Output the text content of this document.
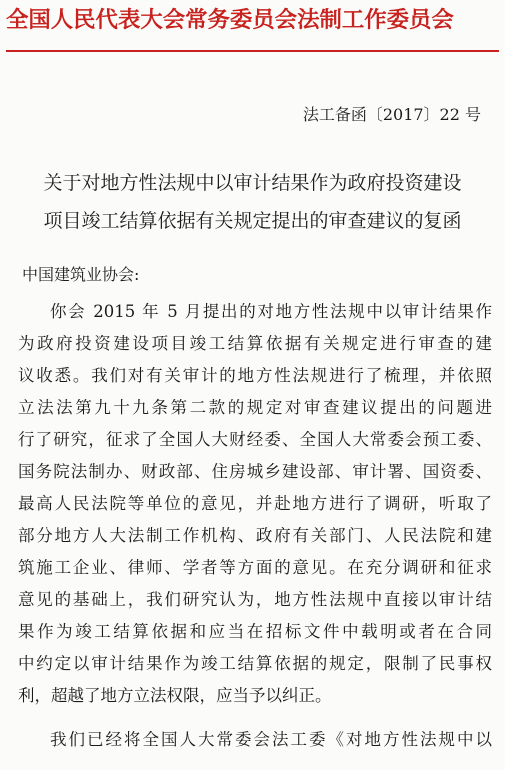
全国人民代表大会常务委员会法制工作委员会
法工备函〔2017〕22 号
关于对地方性法规中以审计结果作为政府投资建设
项目竣工结算依据有关规定提出的审查建议的复函
中国建筑业协会:
你会 2015 年 5 月提出的对地方性法规中以审计结果作
为政府投资建设项目竣工结算依据有关规定进行审查的建
议收悉。我们对有关审计的地方性法规进行了梳理，并依照
立法法第九十九条第二款的规定对审查建议提出的问题进
行了研究，征求了全国人大财经委、全国人大常委会预工委、
国务院法制办、财政部、住房城乡建设部、审计署、国资委、
最高人民法院等单位的意见，并赴地方进行了调研，听取了
部分地方人大法制工作机构、政府有关部门、人民法院和建
筑施工企业、律师、学者等方面的意见。在充分调研和征求
意见的基础上，我们研究认为，地方性法规中直接以审计结
果作为竣工结算依据和应当在招标文件中载明或者在合同
中约定以审计结果作为竣工结算依据的规定，限制了民事权
利，超越了地方立法权限，应当予以纠正。
我们已经将全国人大常委会法工委《对地方性法规中以
